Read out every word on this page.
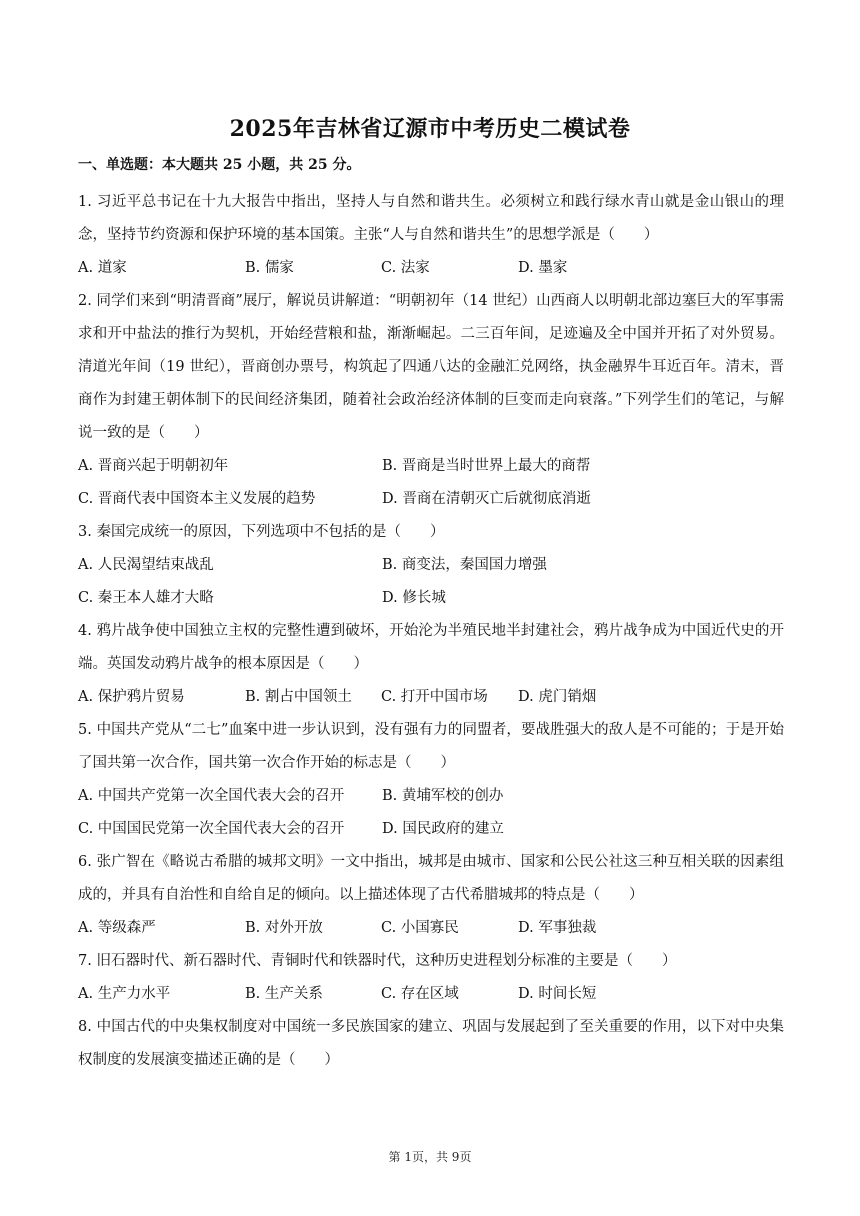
2025年吉林省辽源市中考历史二模试卷
一、单选题：本大题共 25 小题，共 25 分。

1. 习近平总书记在十九大报告中指出，坚持人与自然和谐共生。必须树立和践行绿水青山就是金山银山的理念，坚持节约资源和保护环境的基本国策。主张“人与自然和谐共生”的思想学派是（　　）

A. 道家	B. 儒家	C. 法家	D. 墨家

2. 同学们来到“明清晋商”展厅，解说员讲解道：“明朝初年（14 世纪）山西商人以明朝北部边塞巨大的军事需求和开中盐法的推行为契机，开始经营粮和盐，渐渐崛起。二三百年间，足迹遍及全中国并开拓了对外贸易。清道光年间（19 世纪），晋商创办票号，构筑起了四通八达的金融汇兑网络，执金融界牛耳近百年。清末，晋商作为封建王朝体制下的民间经济集团，随着社会政治经济体制的巨变而走向衰落。”下列学生们的笔记，与解说一致的是（　　）

A. 晋商兴起于明朝初年	B. 晋商是当时世界上最大的商帮
C. 晋商代表中国资本主义发展的趋势	D. 晋商在清朝灭亡后就彻底消逝

3. 秦国完成统一的原因，下列选项中不包括的是（　　）

A. 人民渴望结束战乱	B. 商变法，秦国国力增强
C. 秦王本人雄才大略	D. 修长城

4. 鸦片战争使中国独立主权的完整性遭到破坏，开始沦为半殖民地半封建社会，鸦片战争成为中国近代史的开端。英国发动鸦片战争的根本原因是（　　）

A. 保护鸦片贸易	B. 割占中国领土 C. 打开中国市场 D. 虎门销烟

5. 中国共产党从“二七”血案中进一步认识到，没有强有力的同盟者，要战胜强大的敌人是不可能的；于是开始了国共第一次合作，国共第一次合作开始的标志是（　　）

A. 中国共产党第一次全国代表大会的召开	B. 黄埔军校的创办
C. 中国国民党第一次全国代表大会的召开	D. 国民政府的建立

6. 张广智在《略说古希腊的城邦文明》一文中指出，城邦是由城市、国家和公民公社这三种互相关联的因素组成的，并具有自治性和自给自足的倾向。以上描述体现了古代希腊城邦的特点是（　　）

A. 等级森严	B. 对外开放	C. 小国寡民	D. 军事独裁

7. 旧石器时代、新石器时代、青铜时代和铁器时代，这种历史进程划分标准的主要是（　　）

A. 生产力水平	B. 生产关系	C. 存在区域	D. 时间长短

8. 中国古代的中央集权制度对中国统一多民族国家的建立、巩固与发展起到了至关重要的作用，以下对中央集权制度的发展演变描述正确的是（　　）

第 1页，共 9页
